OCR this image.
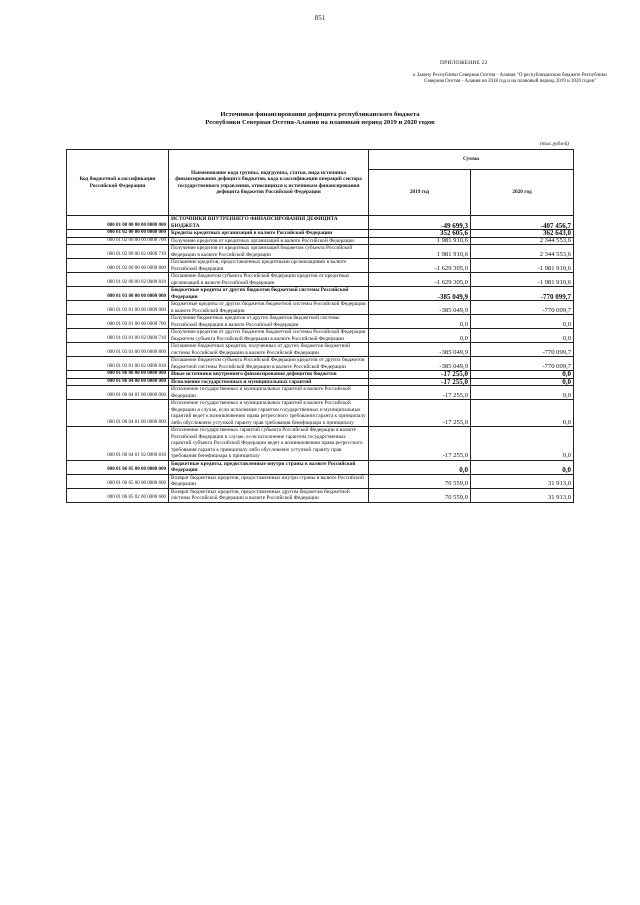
851
ПРИЛОЖЕНИЕ 22
к Закону Республики Северная Осетия - Алания "О республиканском бюджете Республики Северная Осетия - Алания на 2018 год и на плановый период 2019 и 2020 годов"
Источники финансирования дефицита республиканского бюджета
Республики Северная Осетия-Алания на плановый период 2019 и 2020 годов
(тыс.рублей)
Код бюджетной классификации Российской Федерации	Наименование кода группы, подгруппы, статьи, вида источника финансирования дефицита бюджетов, кода классификации операций сектора государственного управления, относящихся к источникам финансирования дефицита бюджетов Российской Федерации	Сумма	
		2019 год	2020 год
000 01 00 00 00 00 0000 000	ИСТОЧНИКИ ВНУТРЕННЕГО ФИНАНСИРОВАНИЯ ДЕФИЦИТА БЮДЖЕТА	-49 699,3	-407 456,7
000 01 02 00 00 00 0000 000	Кредиты кредитных организаций в валюте Российской Федерации	352 605,6	362 643,0
000 01 02 00 00 00 0000 700	Получение кредитов от кредитных организаций в валюте Российской Федерации	1 981 910,6	2 344 553,6
000 01 02 00 00 02 0000 710	Получение кредитов от кредитных организаций бюджетом субъекта Российской Федерации в валюте Российской Федерации	1 981 910,6	2 344 553,6
000 01 02 00 00 00 0000 800	Погашение кредитов, предоставленных кредитными организациями в валюте Российской Федерации	-1 629 305,0	-1 981 910,6
000 01 02 00 00 02 0000 810	Погашение бюджетом субъекта Российской Федерации кредитов от кредитных организаций в валюте Российской Федерации	-1 629 305,0	-1 981 910,6
000 01 03 00 00 00 0000 000	Бюджетные кредиты от других бюджетов бюджетной системы Российской Федерации	-385 049,9	-770 099,7
000 01 03 01 00 00 0000 000	Бюджетные кредиты от других бюджетов бюджетной системы Российской Федерации в валюте Российской Федерации	-385 049,9	-770 099,7
000 01 03 01 00 00 0000 700	Получение бюджетных кредитов от других бюджетов бюджетной системы Российской Федерации в валюте Российской Федерации	0,0	0,0
000 01 03 01 00 02 0000 710	Получение кредитов от других бюджетов бюджетной системы Российской Федерации бюджетом субъекта Российской Федерации в валюте Российской Федерации	0,0	0,0
000 01 03 01 00 00 0000 800	Погашение бюджетных кредитов, полученных от других бюджетов бюджетной системы Российской Федерации в валюте Российской Федерации	-385 049,9	-770 099,7
000 01 03 01 00 02 0000 810	Погашение бюджетом субъекта Российской Федерации кредитов от других бюджетов бюджетной системы Российской Федерации в валюте Российской Федерации	-385 049,9	-770 099,7
000 01 06 00 00 00 0000 000	Иные источники внутреннего финансирования дефицитов бюджетов	-17 255,0	0,0
000 01 06 04 00 00 0000 000	Исполнение государственных и муниципальных гарантий	-17 255,0	0,0
000 01 06 04 01 00 0000 000	Исполнение государственных и муниципальных гарантий в валюте Российской Федерации	-17 255,0	0,0
000 01 06 04 01 00 0000 800	Исполнение государственных и муниципальных гарантий в валюте Российской Федерации в случае, если исполнение гарантом государственных и муниципальных гарантий ведет к возникновению права регрессного требования гаранта к принципалу либо обусловлено уступкой гаранту прав требования бенефициара к принципалу	-17 255,0	0,0
000 01 06 04 01 02 0000 810	Исполнение государственных гарантий субъекта Российской Федерации в валюте Российской Федерации в случае, если исполнение гарантом государственных гарантий субъекта Российской Федерации ведет к возникновению права регрессного требования гаранта к принципалу либо обусловлено уступкой гаранту прав требования бенефициара к принципалу	-17 255,0	0,0
000 01 06 05 00 00 0000 000	Бюджетные кредиты, предоставленные внутри страны в валюте Российской Федерации	0,0	0,0
000 01 06 05 00 00 0000 600	Возврат бюджетных кредитов, предоставленных внутри страны в валюте Российской Федерации	70 559,0	31 913,0
000 01 06 05 02 00 0000 600	Возврат бюджетных кредитов, предоставленных другим бюджетам бюджетной системы Российской Федерации в валюте Российской Федерации	70 559,0	31 913,0
